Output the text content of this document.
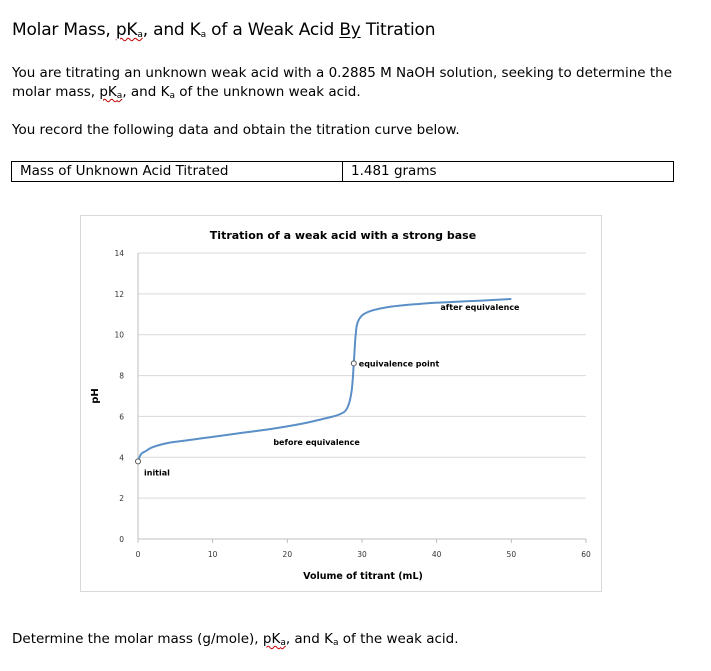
Molar Mass, $pK_a$, and $K_a$ of a Weak Acid By Titration
You are titrating an unknown weak acid with a 0.2885 M NaOH solution, seeking to determine the
molar mass, $pK_a$, and $K_a$ of the unknown weak acid.
You record the following data and obtain the titration curve below.
Mass of Unknown Acid Titrated	1.481 grams
Titration of a weak acid with a strong base
0
2
4
6
8
10
12
14
0	10	20	30	40	50	60
initial
before equivalence
equivalence point
after equivalence
Volume of titrant (mL)
pH
Determine the molar mass (g/mole), $pK_a$, and $K_a$ of the weak acid.
